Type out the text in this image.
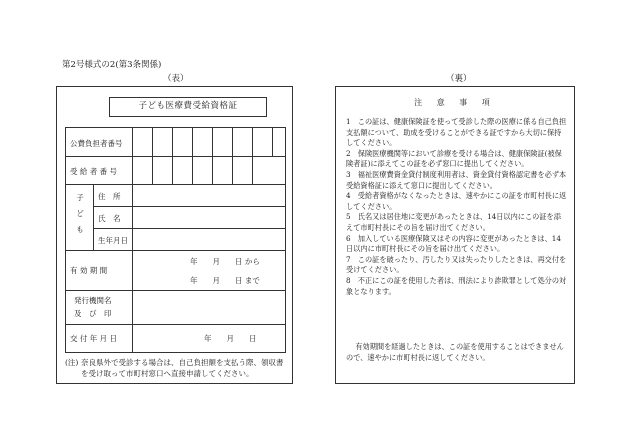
第2号様式の2(第3条関係)
（表）	（裏）
子ども医療費受給資格証
公費負担者番号
受 給 者 番 号
子 ど も
住　所
氏　名
生年月日
有 効 期 間
年　　月　　日 から
年　　月　　日 まで
発行機関名
及　び　印
交 付 年 月 日	年　　月　　日
(注) 奈良県外で受診する場合は、自己負担額を支払う際、領収書を受け取って市町村窓口へ直接申請してください。
注 意 事 項
1　この証は、健康保険証を使って受診した際の医療に係る自己負担支払額について、助成を受けることができる証ですから大切に保持してください。
2　保険医療機関等において診療を受ける場合は、健康保険証(被保険者証)に添えてこの証を必ず窓口に提出してください。
3　福祉医療費資金貸付制度利用者は、資金貸付資格認定書を必ず本受給資格証に添えて窓口に提出してください。
4　受給者資格がなくなったときは、速やかにこの証を市町村長に返してください。
5　氏名又は居住地に変更があったときは、14日以内にこの証を添えて市町村長にその旨を届け出てください。
6　加入している医療保険又はその内容に変更があったときは、14日以内に市町村長にその旨を届け出てください。
7　この証を破ったり、汚したり又は失ったりしたときは、再交付を受けてください。
8　不正にこの証を使用した者は、刑法により詐欺罪として処分の対象となります。
有効期間を経過したときは、この証を使用することはできませんので、速やかに市町村長に返してください。
